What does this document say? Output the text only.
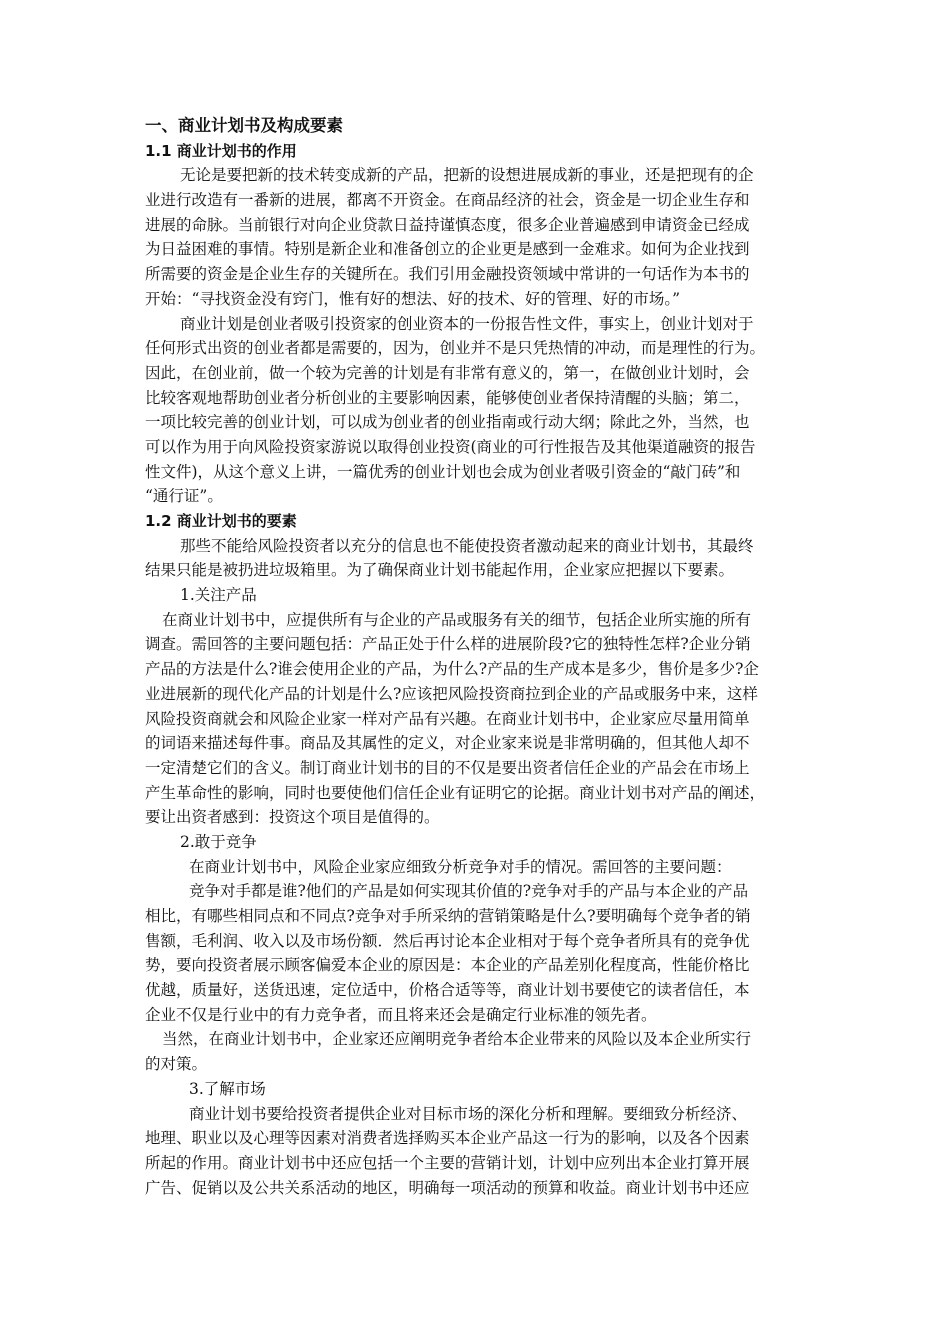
一、商业计划书及构成要素
1.1 商业计划书的作用
无论是要把新的技术转变成新的产品，把新的设想进展成新的事业，还是把现有的企
业进行改造有一番新的进展，都离不开资金。在商品经济的社会，资金是一切企业生存和
进展的命脉。当前银行对向企业贷款日益持谨慎态度，很多企业普遍感到申请资金已经成
为日益困难的事情。特别是新企业和准备创立的企业更是感到一金难求。如何为企业找到
所需要的资金是企业生存的关键所在。我们引用金融投资领域中常讲的一句话作为本书的
开始：“寻找资金没有窍门，惟有好的想法、好的技术、好的管理、好的市场。”
商业计划是创业者吸引投资家的创业资本的一份报告性文件，事实上，创业计划对于
任何形式出资的创业者都是需要的，因为，创业并不是只凭热情的冲动，而是理性的行为。
因此，在创业前，做一个较为完善的计划是有非常有意义的，第一，在做创业计划时，会
比较客观地帮助创业者分析创业的主要影响因素，能够使创业者保持清醒的头脑；第二，
一项比较完善的创业计划，可以成为创业者的创业指南或行动大纲；除此之外，当然，也
可以作为用于向风险投资家游说以取得创业投资(商业的可行性报告及其他渠道融资的报告
性文件)，从这个意义上讲，一篇优秀的创业计划也会成为创业者吸引资金的“敲门砖”和
“通行证”。
1.2 商业计划书的要素
那些不能给风险投资者以充分的信息也不能使投资者激动起来的商业计划书，其最终
结果只能是被扔进垃圾箱里。为了确保商业计划书能起作用，企业家应把握以下要素。
1.关注产品
在商业计划书中，应提供所有与企业的产品或服务有关的细节，包括企业所实施的所有
调查。需回答的主要问题包括：产品正处于什么样的进展阶段?它的独特性怎样?企业分销
产品的方法是什么?谁会使用企业的产品，为什么?产品的生产成本是多少，售价是多少?企
业进展新的现代化产品的计划是什么?应该把风险投资商拉到企业的产品或服务中来，这样
风险投资商就会和风险企业家一样对产品有兴趣。在商业计划书中，企业家应尽量用简单
的词语来描述每件事。商品及其属性的定义，对企业家来说是非常明确的，但其他人却不
一定清楚它们的含义。制订商业计划书的目的不仅是要出资者信任企业的产品会在市场上
产生革命性的影响，同时也要使他们信任企业有证明它的论据。商业计划书对产品的阐述，
要让出资者感到：投资这个项目是值得的。
2.敢于竞争
在商业计划书中，风险企业家应细致分析竞争对手的情况。需回答的主要问题：
竞争对手都是谁?他们的产品是如何实现其价值的?竞争对手的产品与本企业的产品
相比，有哪些相同点和不同点?竞争对手所采纳的营销策略是什么?要明确每个竞争者的销
售额，毛利润、收入以及市场份额．然后再讨论本企业相对于每个竞争者所具有的竞争优
势，要向投资者展示顾客偏爱本企业的原因是：本企业的产品差别化程度高，性能价格比
优越，质量好，送货迅速，定位适中，价格合适等等，商业计划书要使它的读者信任，本
企业不仅是行业中的有力竞争者，而且将来还会是确定行业标准的领先者。
当然，在商业计划书中，企业家还应阐明竞争者给本企业带来的风险以及本企业所实行
的对策。
3.了解市场
商业计划书要给投资者提供企业对目标市场的深化分析和理解。要细致分析经济、
地理、职业以及心理等因素对消费者选择购买本企业产品这一行为的影响，以及各个因素
所起的作用。商业计划书中还应包括一个主要的营销计划，计划中应列出本企业打算开展
广告、促销以及公共关系活动的地区，明确每一项活动的预算和收益。商业计划书中还应
